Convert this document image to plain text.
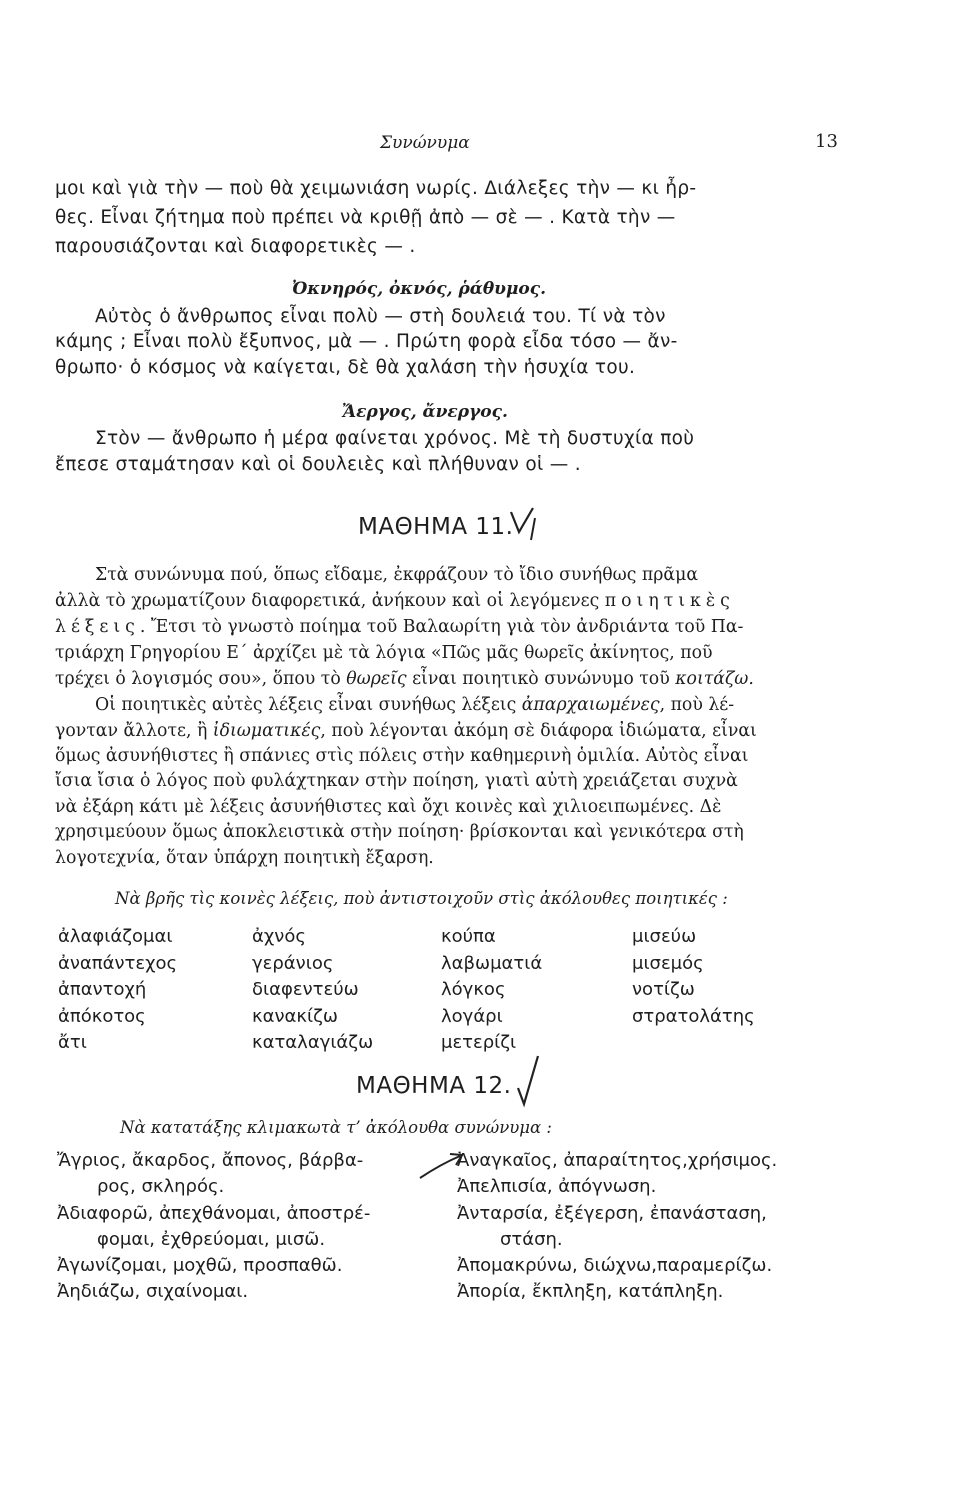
Συνώνυμα	13

μοι καὶ γιὰ τὴν — ποὺ θὰ χειμωνιάση νωρίς. Διάλεξες τὴν — κι ἦρ-

θες. Εἶναι ζήτημα ποὺ πρέπει νὰ κριθῇ ἀπὸ — σὲ — . Κατὰ τὴν —

παρουσιάζονται καὶ διαφορετικὲς — .

Ὀκνηρός, ὀκνός, ῥάθυμος.

Αὐτὸς ὁ ἄνθρωπος εἶναι πολὺ — στὴ δουλειά του. Τί νὰ τὸν

κάμης ; Εἶναι πολὺ ἔξυπνος, μὰ — . Πρώτη φορὰ εἶδα τόσο — ἄν-

θρωπο· ὁ κόσμος νὰ καίγεται, δὲ θὰ χαλάση τὴν ἡσυχία του.

Ἄεργος, ἄνεργος.

Στὸν — ἄνθρωπο ἡ μέρα φαίνεται χρόνος. Μὲ τὴ δυστυχία ποὺ

ἔπεσε σταμάτησαν καὶ οἱ δουλειὲς καὶ πλήθυναν οἱ — .

ΜΑΘΗΜΑ 11.

Στὰ συνώνυμα πού, ὅπως εἴδαμε, ἐκφράζουν τὸ ἴδιο συνήθως πρᾶμα

ἀλλὰ τὸ χρωματίζουν διαφορετικά, ἀνήκουν καὶ οἱ λεγόμενες ποιητικὲς

λέξεις. Ἔτσι τὸ γνωστὸ ποίημα τοῦ Βαλαωρίτη γιὰ τὸν ἀνδριάντα τοῦ Πα-

τριάρχη Γρηγορίου Ε΄ ἀρχίζει μὲ τὰ λόγια «Πῶς μᾶς θωρεῖς ἀκίνητος, ποῦ

τρέχει ὁ λογισμός σου», ὅπου τὸ θωρεῖς εἶναι ποιητικὸ συνώνυμο τοῦ κοιτάζω.

Οἱ ποιητικὲς αὐτὲς λέξεις εἶναι συνήθως λέξεις ἀπαρχαιωμένες, ποὺ λέ-

γονταν ἄλλοτε, ἢ ἰδιωματικές, ποὺ λέγονται ἀκόμη σὲ διάφορα ἰδιώματα, εἶναι

ὅμως ἀσυνήθιστες ἢ σπάνιες στὶς πόλεις στὴν καθημερινὴ ὁμιλία. Αὐτὸς εἶναι

ἴσια ἴσια ὁ λόγος ποὺ φυλάχτηκαν στὴν ποίηση, γιατὶ αὐτὴ χρειάζεται συχνὰ

νὰ ἐξάρη κάτι μὲ λέξεις ἀσυνήθιστες καὶ ὄχι κοινὲς καὶ χιλιοειπωμένες. Δὲ

χρησιμεύουν ὅμως ἀποκλειστικὰ στὴν ποίηση· βρίσκονται καὶ γενικότερα στὴ

λογοτεχνία, ὅταν ὑπάρχη ποιητικὴ ἔξαρση.

Νὰ βρῆς τὶς κοινὲς λέξεις, ποὺ ἀντιστοιχοῦν στὶς ἀκόλουθες ποιητικές :

ἀλαφιάζομαι
ἀναπάντεχος
ἀπαντοχή
ἀπόκοτος
ἄτι
ἀχνός
γεράνιος
διαφεντεύω
κανακίζω
καταλαγιάζω
κούπα
λαβωματιά
λόγκος
λογάρι
μετερίζι
μισεύω
μισεμός
νοτίζω
στρατολάτης

ΜΑΘΗΜΑ 12.

Νὰ κατατάξης κλιμακωτὰ τ’ ἀκόλουθα συνώνυμα :

Ἄγριος, ἄκαρδος, ἄπονος, βάρβα-

ρος, σκληρός.

Ἀδιαφορῶ, ἀπεχθάνομαι, ἀποστρέ-

φομαι, ἐχθρεύομαι, μισῶ.

Ἀγωνίζομαι, μοχθῶ, προσπαθῶ.

Ἀηδιάζω, σιχαίνομαι.

Ἀναγκαῖος, ἀπαραίτητος,χρήσιμος.

Ἀπελπισία, ἀπόγνωση.

Ἀνταρσία, ἐξέγερση, ἐπανάσταση,

στάση.

Ἀπομακρύνω, διώχνω,παραμερίζω.

Ἀπορία, ἔκπληξη, κατάπληξη.
